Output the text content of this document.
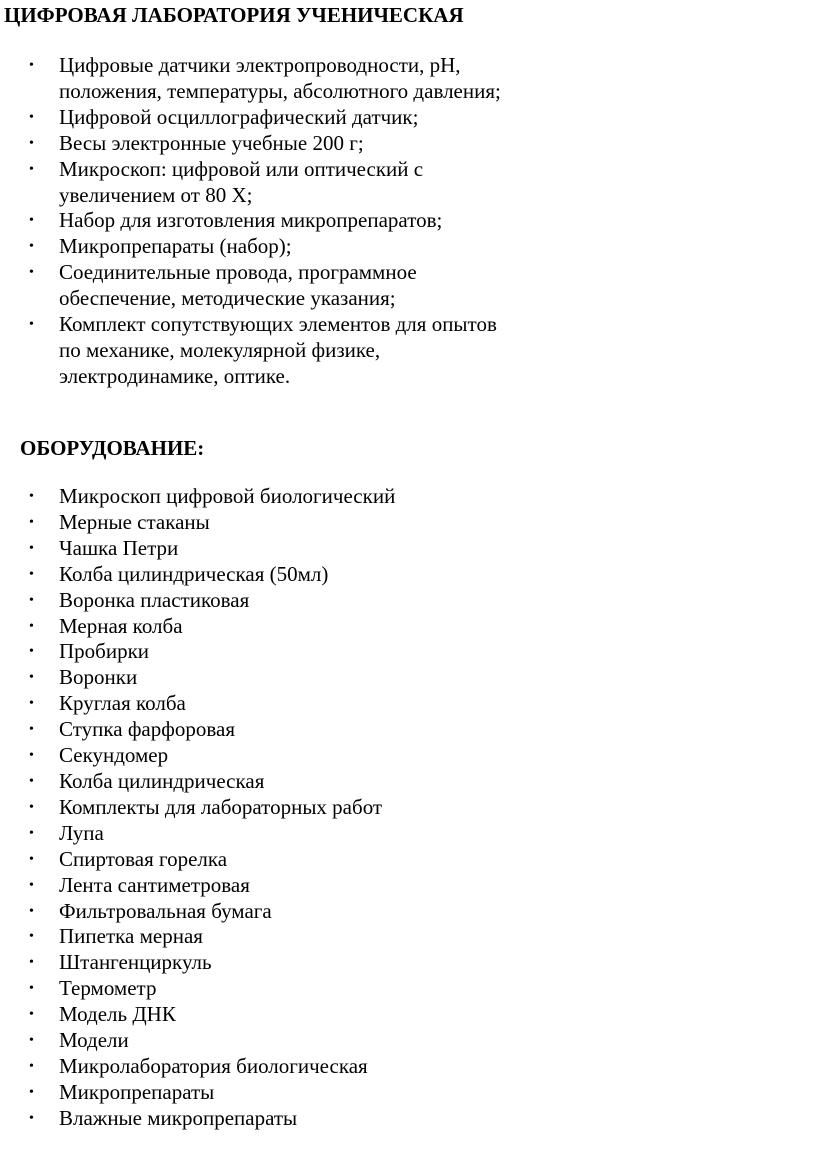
ЦИФРОВАЯ ЛАБОРАТОРИЯ УЧЕНИЧЕСКАЯ
• Цифровые датчики электропроводности, pH, положения, температуры, абсолютного давления;
• Цифровой осциллографический датчик;
• Весы электронные учебные 200 г;
• Микроскоп: цифровой или оптический с увеличением от 80 X;
• Набор для изготовления микропрепаратов;
• Микропрепараты (набор);
• Соединительные провода, программное обеспечение, методические указания;
• Комплект сопутствующих элементов для опытов по механике, молекулярной физике, электродинамике, оптике.
ОБОРУДОВАНИЕ:
• Микроскоп цифровой биологический
• Мерные стаканы
• Чашка Петри
• Колба цилиндрическая (50мл)
• Воронка пластиковая
• Мерная колба
• Пробирки
• Воронки
• Круглая колба
• Ступка фарфоровая
• Секундомер
• Колба цилиндрическая
• Комплекты для лабораторных работ
• Лупа
• Спиртовая горелка
• Лента сантиметровая
• Фильтровальная бумага
• Пипетка мерная
• Штангенциркуль
• Термометр
• Модель ДНК
• Модели
• Микролаборатория биологическая
• Микропрепараты
• Влажные микропрепараты
